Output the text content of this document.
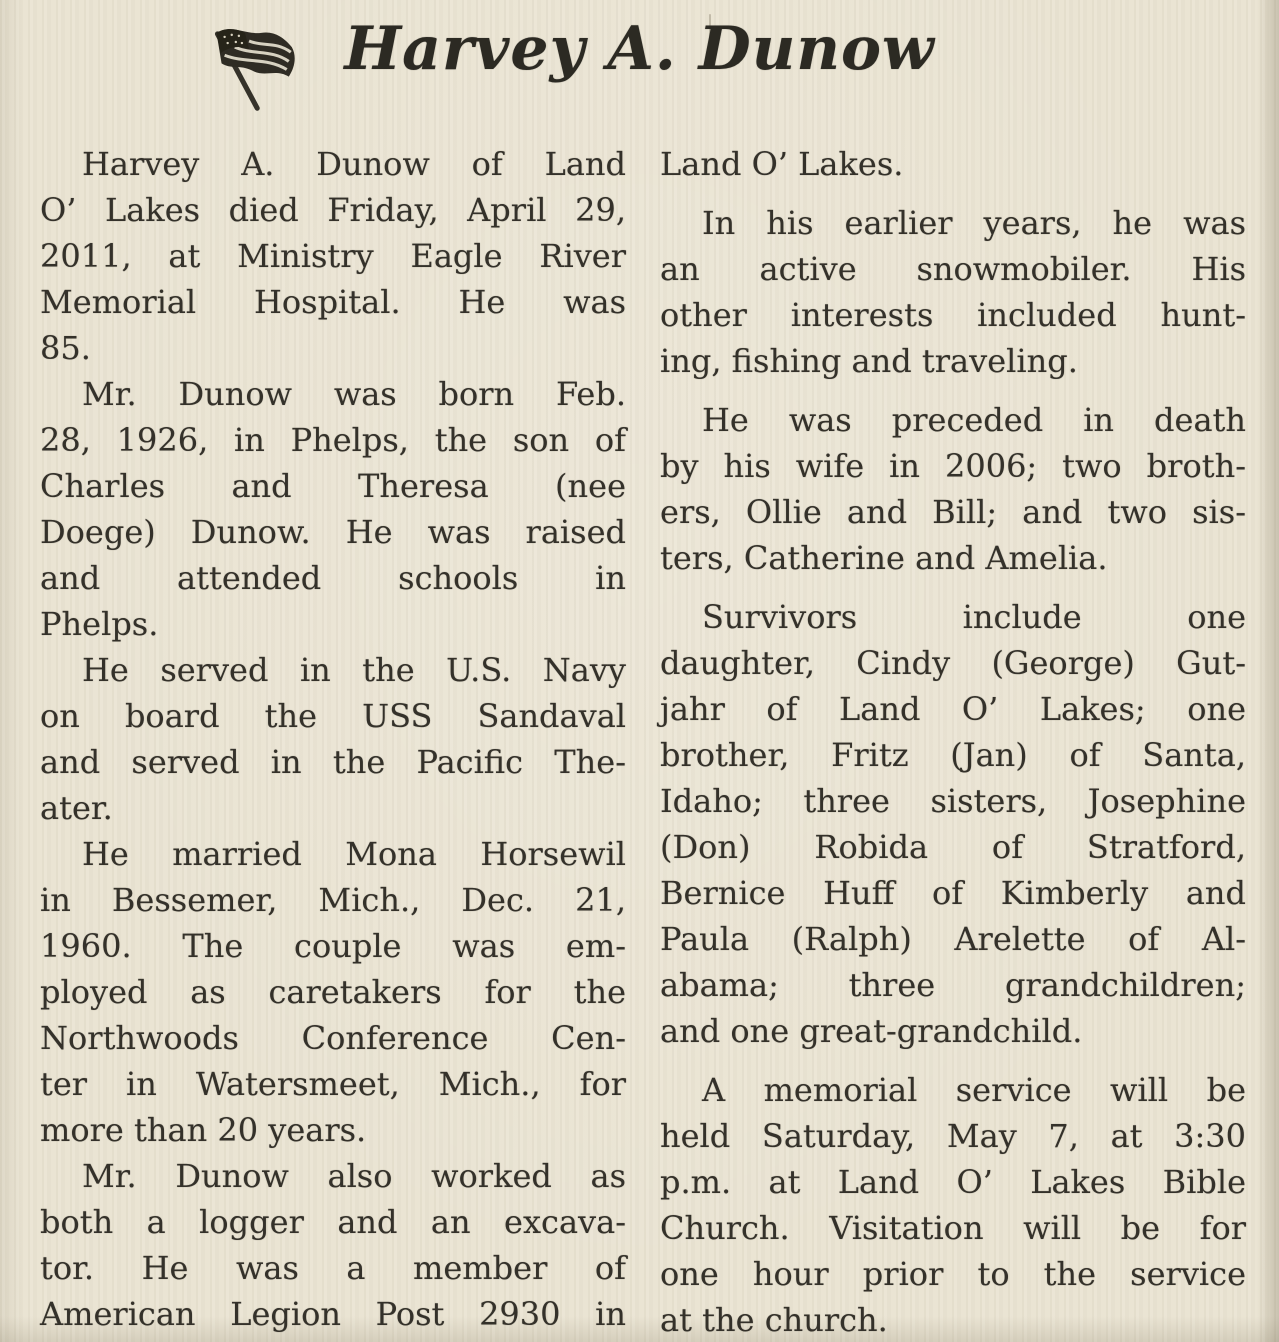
Harvey A. Dunow
Harvey A. Dunow of Land
O’ Lakes died Friday, April 29,
2011, at Ministry Eagle River
Memorial Hospital. He was
85.
Mr. Dunow was born Feb.
28, 1926, in Phelps, the son of
Charles and Theresa (nee
Doege) Dunow. He was raised
and attended schools in
Phelps.
He served in the U.S. Navy
on board the USS Sandaval
and served in the Pacific The-
ater.
He married Mona Horsewil
in Bessemer, Mich., Dec. 21,
1960. The couple was em-
ployed as caretakers for the
Northwoods Conference Cen-
ter in Watersmeet, Mich., for
more than 20 years.
Mr. Dunow also worked as
both a logger and an excava-
tor. He was a member of
American Legion Post 2930 in
Land O’ Lakes.
In his earlier years, he was
an active snowmobiler. His
other interests included hunt-
ing, fishing and traveling.
He was preceded in death
by his wife in 2006; two broth-
ers, Ollie and Bill; and two sis-
ters, Catherine and Amelia.
Survivors include one
daughter, Cindy (George) Gut-
jahr of Land O’ Lakes; one
brother, Fritz (Jan) of Santa,
Idaho; three sisters, Josephine
(Don) Robida of Stratford,
Bernice Huff of Kimberly and
Paula (Ralph) Arelette of Al-
abama; three grandchildren;
and one great-grandchild.
A memorial service will be
held Saturday, May 7, at 3:30
p.m. at Land O’ Lakes Bible
Church. Visitation will be for
one hour prior to the service
at the church.
